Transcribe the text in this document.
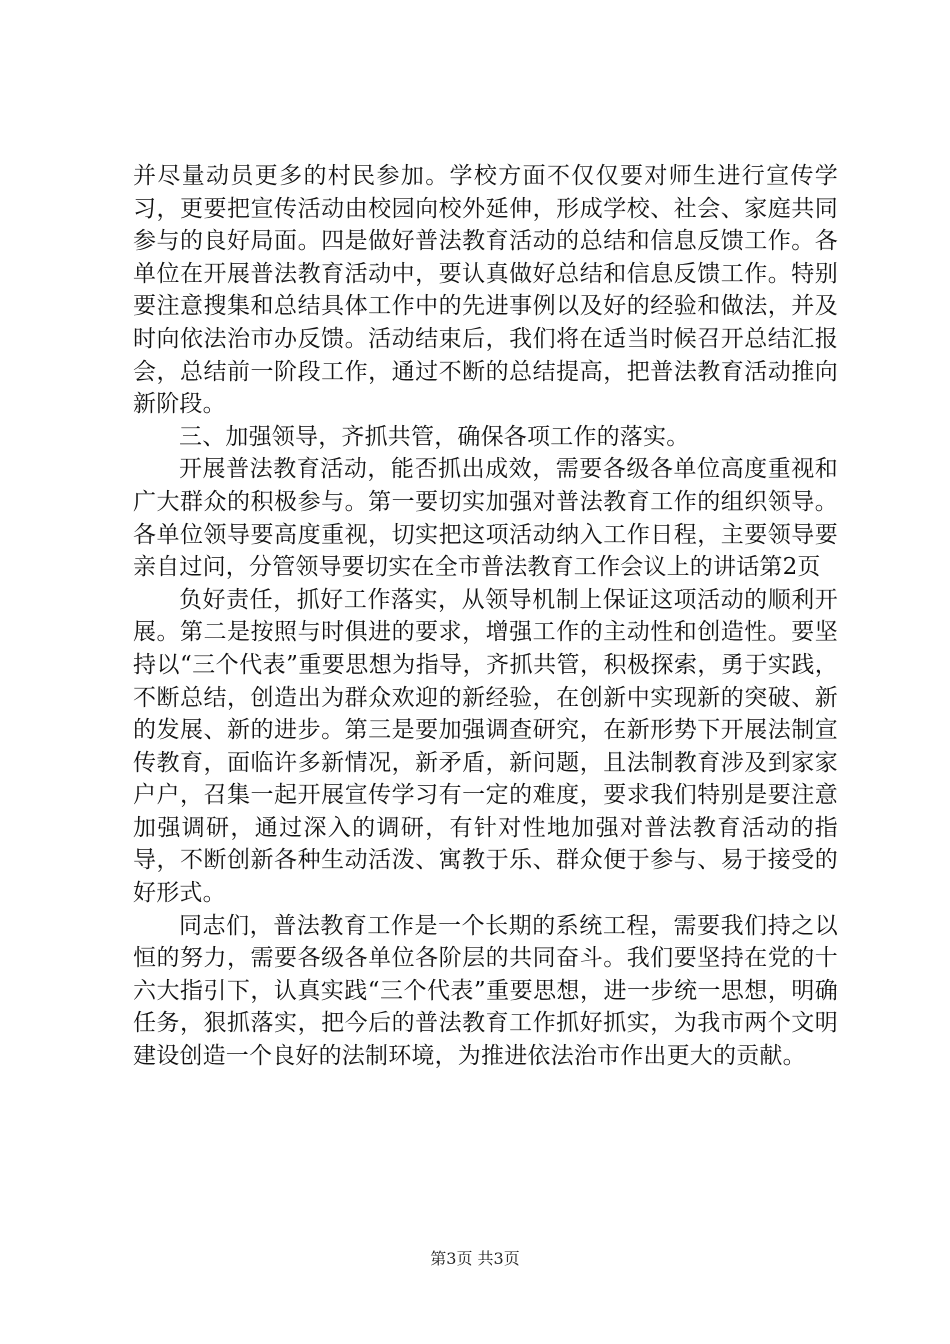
并尽量动员更多的村民参加。学校方面不仅仅要对师生进行宣传学习，更要把宣传活动由校园向校外延伸，形成学校、社会、家庭共同参与的良好局面。四是做好普法教育活动的总结和信息反馈工作。各单位在开展普法教育活动中，要认真做好总结和信息反馈工作。特别要注意搜集和总结具体工作中的先进事例以及好的经验和做法，并及时向依法治市办反馈。活动结束后，我们将在适当时候召开总结汇报会，总结前一阶段工作，通过不断的总结提高，把普法教育活动推向新阶段。

三、加强领导，齐抓共管，确保各项工作的落实。

开展普法教育活动，能否抓出成效，需要各级各单位高度重视和广大群众的积极参与。第一要切实加强对普法教育工作的组织领导。各单位领导要高度重视，切实把这项活动纳入工作日程，主要领导要亲自过问，分管领导要切实在全市普法教育工作会议上的讲话第2页

负好责任，抓好工作落实，从领导机制上保证这项活动的顺利开展。第二是按照与时俱进的要求，增强工作的主动性和创造性。要坚持以“三个代表”重要思想为指导，齐抓共管，积极探索，勇于实践，不断总结，创造出为群众欢迎的新经验，在创新中实现新的突破、新的发展、新的进步。第三是要加强调查研究，在新形势下开展法制宣传教育，面临许多新情况，新矛盾，新问题，且法制教育涉及到家家户户，召集一起开展宣传学习有一定的难度，要求我们特别是要注意加强调研，通过深入的调研，有针对性地加强对普法教育活动的指导，不断创新各种生动活泼、寓教于乐、群众便于参与、易于接受的好形式。

同志们，普法教育工作是一个长期的系统工程，需要我们持之以恒的努力，需要各级各单位各阶层的共同奋斗。我们要坚持在党的十六大指引下，认真实践“三个代表”重要思想，进一步统一思想，明确任务，狠抓落实，把今后的普法教育工作抓好抓实，为我市两个文明建设创造一个良好的法制环境，为推进依法治市作出更大的贡献。

第3页 共3页
